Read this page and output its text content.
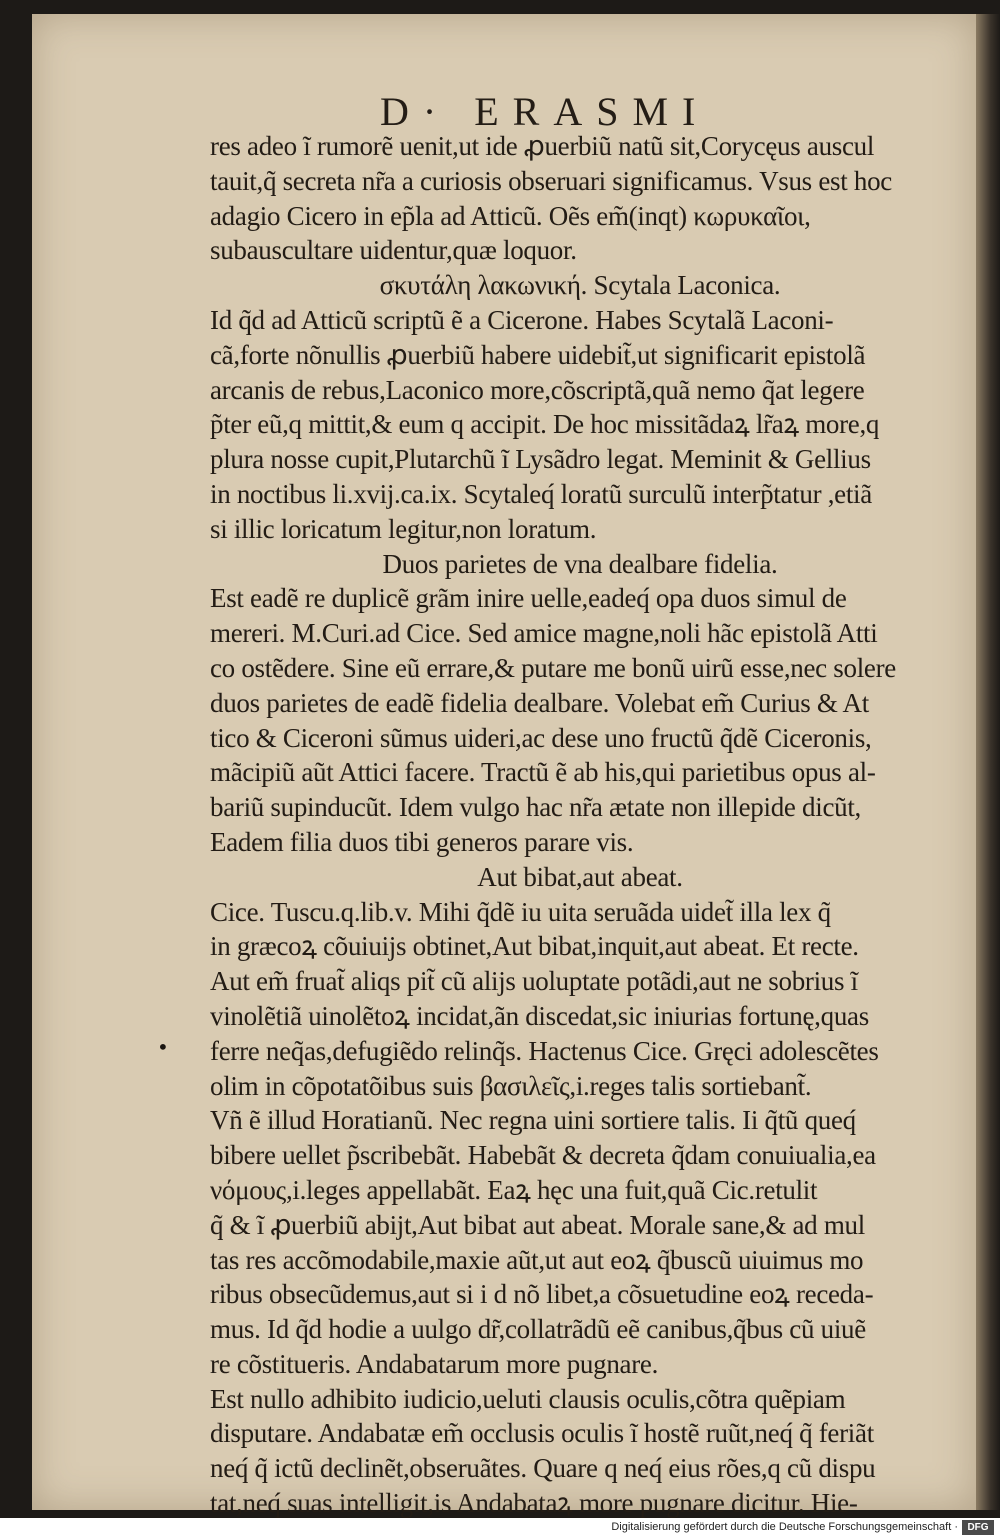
D· ERASMI
•
res adeo ĩ rumorẽ uenit,ut ide ꝓuerbiũ natũ sit,Corycęus auscul
tauit,q̃ secreta nr̃a a curiosis obseruari significamus. Vsus est hoc
adagio Cicero in ep̃la ad Atticũ. Oẽs em̃(inqt) κωρυκαῖοι,
subauscultare uidentur,quæ loquor.
σκυτάλη λακωνική. Scytala Laconica.
Id q̃d ad Atticũ scriptũ ẽ a Cicerone. Habes Scytalã Laconi-
cã,forte nõnullis ꝓuerbiũ habere uidebit̃,ut significarit epistolã
arcanis de rebus,Laconico more,cõscriptã,quã nemo q̃at legere
p̃ter eũ,q mittit,& eum q accipit. De hoc missitãdaꝝ lr̃aꝝ more,q
plura nosse cupit,Plutarchũ ĩ Lysãdro legat. Meminit & Gellius
in noctibus li.xvij.ca.ix. Scytaleq́ loratũ surculũ interp̃tatur ,etiã
si illic loricatum legitur,non loratum.
Duos parietes de vna dealbare fidelia.
Est eadẽ re duplicẽ grãm inire uelle,eadeq́ opa duos simul de
mereri. M.Curi.ad Cice. Sed amice magne,noli hãc epistolã Atti
co ostẽdere. Sine eũ errare,& putare me bonũ uirũ esse,nec solere
duos parietes de eadẽ fidelia dealbare. Volebat em̃ Curius & At
tico & Ciceroni sũmus uideri,ac dese uno fructũ q̃dẽ Ciceronis,
mãcipiũ aũt Attici facere. Tractũ ẽ ab his,qui parietibus opus al-
bariũ supinducũt. Idem vulgo hac nr̃a ætate non illepide dicũt,
Eadem filia duos tibi generos parare vis.
Aut bibat,aut abeat.
Cice. Tuscu.q.lib.v. Mihi q̃dẽ iu uita seruãda uidet̃ illa lex q̃
in græcoꝝ cõuiuijs obtinet,Aut bibat,inquit,aut abeat. Et recte.
Aut em̃ fruat̃ aliqs pit̃ cũ alijs uoluptate potãdi,aut ne sobrius ĩ
vinolẽtiã uinolẽtoꝝ incidat,ãn discedat,sic iniurias fortunę,quas
ferre neq̃as,defugiẽdo relinq̃s. Hactenus Cice. Gręci adolescẽtes
olim in cõpotatõibus suis βασιλεῖς,i.reges talis sortiebant̃.
Vñ ẽ illud Horatianũ. Nec regna uini sortiere talis. Ii q̃tũ queq́
bibere uellet p̃scribebãt. Habebãt & decreta q̃dam conuiualia,ea
νόμους,i.leges appellabãt. Eaꝝ hęc una fuit,quã Cic.retulit
q̃ & ĩ ꝓuerbiũ abijt,Aut bibat aut abeat. Morale sane,& ad mul
tas res accõmodabile,maxie aũt,ut aut eoꝝ q̃buscũ uiuimus mo
ribus obsecũdemus,aut si i d nõ libet,a cõsuetudine eoꝝ receda-
mus. Id q̃d hodie a uulgo dr̃,collatrãdũ eẽ canibus,q̃bus cũ uiuẽ
re cõstitueris. Andabatarum more pugnare.
Est nullo adhibito iudicio,ueluti clausis oculis,cõtra quẽpiam
disputare. Andabatæ em̃ occlusis oculis ĩ hostẽ ruũt,neq́ q̃ feriãt
neq́ q̃ ictũ declinẽt,obseruãtes. Quare q neq́ eius rões,q cũ dispu
tat,neq́ suas intelligit,is Andabataꝝ more pugnare dicitur. Hie-
Digitalisierung gefördert durch die Deutsche Forschungsgemeinschaft · DFG
